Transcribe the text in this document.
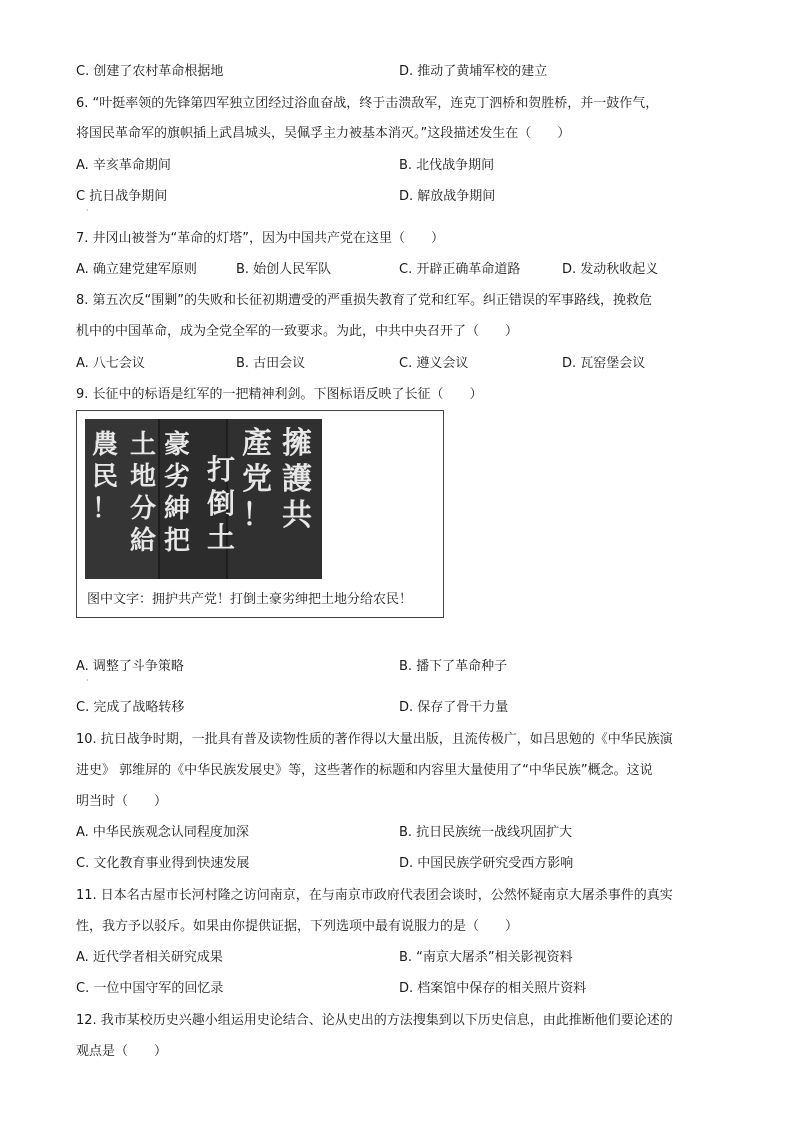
C. 创建了农村革命根据地	D. 推动了黄埔军校的建立
6. “叶挺率领的先锋第四军独立团经过浴血奋战，终于击溃敌军，连克丁泗桥和贺胜桥，并一鼓作气，
将国民革命军的旗帜插上武昌城头，吴佩孚主力被基本消灭。”这段描述发生在（　　）
A. 辛亥革命期间	B. 北伐战争期间
C 抗日战争期间	D. 解放战争期间
·
7. 井冈山被誉为“革命的灯塔”，因为中国共产党在这里（　　）
A. 确立建党建军原则	B. 始创人民军队	C. 开辟正确革命道路	D. 发动秋收起义
8. 第五次反“围剿”的失败和长征初期遭受的严重损失教育了党和红军。纠正错误的军事路线，挽救危
机中的中国革命，成为全党全军的一致要求。为此，中共中央召开了（　　）
A. 八七会议	B. 古田会议	C. 遵义会议	D. 瓦窑堡会议
9. 长征中的标语是红军的一把精神利剑。下图标语反映了长征（　　）
擁
護
共
產
党
！
打
倒
土
豪
劣
紳
把
土
地
分
給
農
民
！
图中文字：拥护共产党！打倒土豪劣绅把土地分给农民！
A. 调整了斗争策略	B. 播下了革命种子
·
C. 完成了战略转移	D. 保存了骨干力量
10. 抗日战争时期，一批具有普及读物性质的著作得以大量出版，且流传极广，如吕思勉的《中华民族演
进史》 郭维屏的《中华民族发展史》等，这些著作的标题和内容里大量使用了“中华民族”概念。这说
明当时（　　）
A. 中华民族观念认同程度加深	B. 抗日民族统一战线巩固扩大
C. 文化教育事业得到快速发展	D. 中国民族学研究受西方影响
11. 日本名古屋市长河村隆之访问南京，在与南京市政府代表团会谈时，公然怀疑南京大屠杀事件的真实
性，我方予以驳斥。如果由你提供证据，下列选项中最有说服力的是（　　）
A. 近代学者相关研究成果	B. “南京大屠杀”相关影视资料
C. 一位中国守军的回忆录	D. 档案馆中保存的相关照片资料
12. 我市某校历史兴趣小组运用史论结合、论从史出的方法搜集到以下历史信息，由此推断他们要论述的
观点是（　　）
